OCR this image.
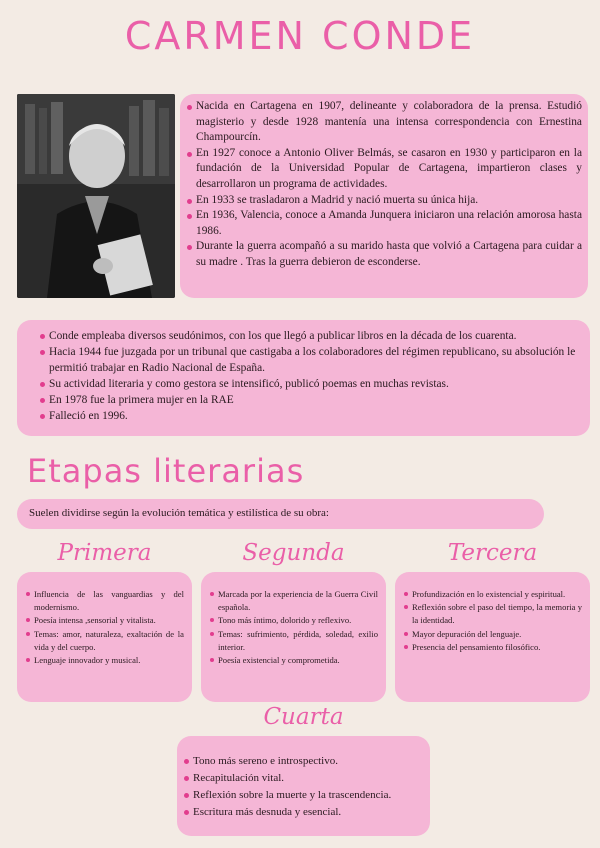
CARMEN CONDE
Nacida en Cartagena en 1907, delineante y colaboradora de la prensa. Estudió magisterio y desde 1928 mantenía una intensa correspondencia con Ernestina Champourcín.
En 1927 conoce a Antonio Oliver Belmás, se casaron en 1930 y participaron en la fundación de la Universidad Popular de Cartagena, impartieron clases y desarrollaron un programa de actividades.
En 1933 se trasladaron a Madrid y nació muerta su única hija.
En 1936, Valencia, conoce a Amanda Junquera iniciaron una relación amorosa hasta 1986.
Durante la guerra acompañó a su marido hasta que volvió a Cartagena para cuidar a su madre . Tras la guerra debieron de esconderse.
Conde empleaba diversos seudónimos, con los que llegó a publicar libros en la década de los cuarenta.
Hacia 1944 fue juzgada por un tribunal que castigaba a los colaboradores del régimen republicano, su absolución le permitió trabajar en Radio Nacional de España.
Su actividad literaria y como gestora se intensificó, publicó poemas en muchas revistas.
En 1978 fue la primera mujer en la RAE
Falleció en 1996.
Etapas literarias
Suelen dividirse según la evolución temática y estilística de su obra:
Primera	Segunda	Tercera
Influencia de las vanguardias y del modernismo.
Poesía intensa ,sensorial y vitalista.
Temas: amor, naturaleza, exaltación de la vida y del cuerpo.
Lenguaje innovador y musical.
Marcada por la experiencia de la Guerra Civil española.
Tono más íntimo, dolorido y reflexivo.
Temas: sufrimiento, pérdida, soledad, exilio interior.
Poesía existencial y comprometida.
Profundización en lo existencial y espiritual.
Reflexión sobre el paso del tiempo, la memoria y la identidad.
Mayor depuración del lenguaje.
Presencia del pensamiento filosófico.
Cuarta
Tono más sereno e introspectivo.
Recapitulación vital.
Reflexión sobre la muerte y la trascendencia.
Escritura más desnuda y esencial.
